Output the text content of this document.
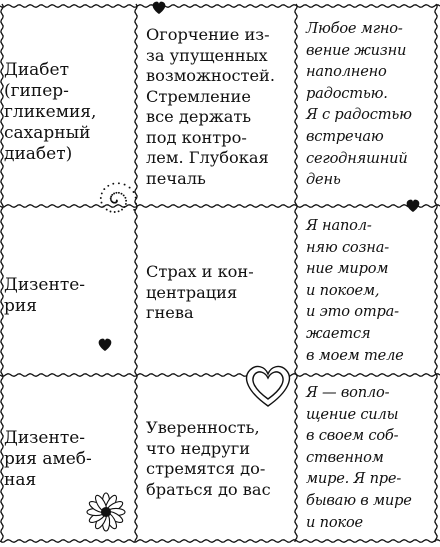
Диабет
(гипер-
гликемия,
сахарный
диабет)
Огорчение из-
за упущенных
возможностей.
Стремление
все держать
под контро-
лем. Глубокая
печаль
Любое мгно-
вение жизни
наполнено
радостью.
Я с радостью
встречаю
сегодняшний
день
Дизенте-
рия
Страх и кон-
центрация
гнева
Я напол-
няю созна-
ние миром
и покоем,
и это отра-
жается
в моем теле
Дизенте-
рия амеб-
ная
Уверенность,
что недруги
стремятся до-
браться до вас
Я — вопло-
щение силы
в своем соб-
ственном
мире. Я пре-
бываю в мире
и покое
